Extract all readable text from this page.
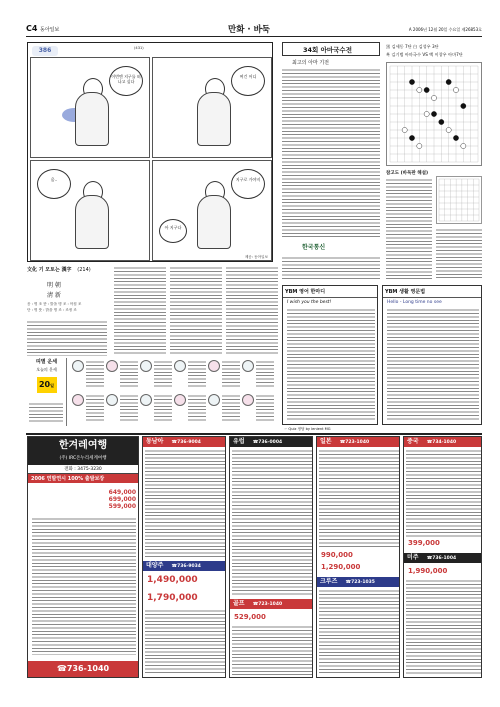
C4 동아일보	만화 · 바둑	A 2006년 12월 20일 수요일 제26853호
386	(431)
이번엔 지구를 떠나고 싶다
여긴 어디
음..	지구로 가야지
아 지구다
제공: 동아일보
文化 기 모토는 漢字 (214)
明 朝
淸 新
음 : 명 조 뜻 : 밝을 명 조 : 아침 조
단 : 명 뜻 : 밝을 명 조 : 조정 조
띠별 운세
오늘의 운세
20일
34회 아마국수전
최고의 아마 기전
한국통신
黑 김세동 7단 白 김성우 3단
흑 김기범 아마국수 VS 백 이창우 아마7단
참고도 (바둑판 해설)
YBM 영어 한마디
I wish you the best!
YBM 생활 영문법
Hello - Long time no see
☞ Quiz 정답 by lenient MG
한겨레여행
(주) IRC온누리세계여행
전화 : 3475-3230
2006 연말연시 100% 출발보장
649,000
699,000
599,000
☎736-1040
동남아 ☎736-9004
대양주 ☎736-9034
1,490,000
1,790,000
유럽 ☎736-0004
골프 ☎723-1040
529,000
일본 ☎723-1040
990,000
1,290,000
크루즈 ☎723-1035
중국 ☎734-1040
399,000
미주 ☎736-1004
1,990,000
